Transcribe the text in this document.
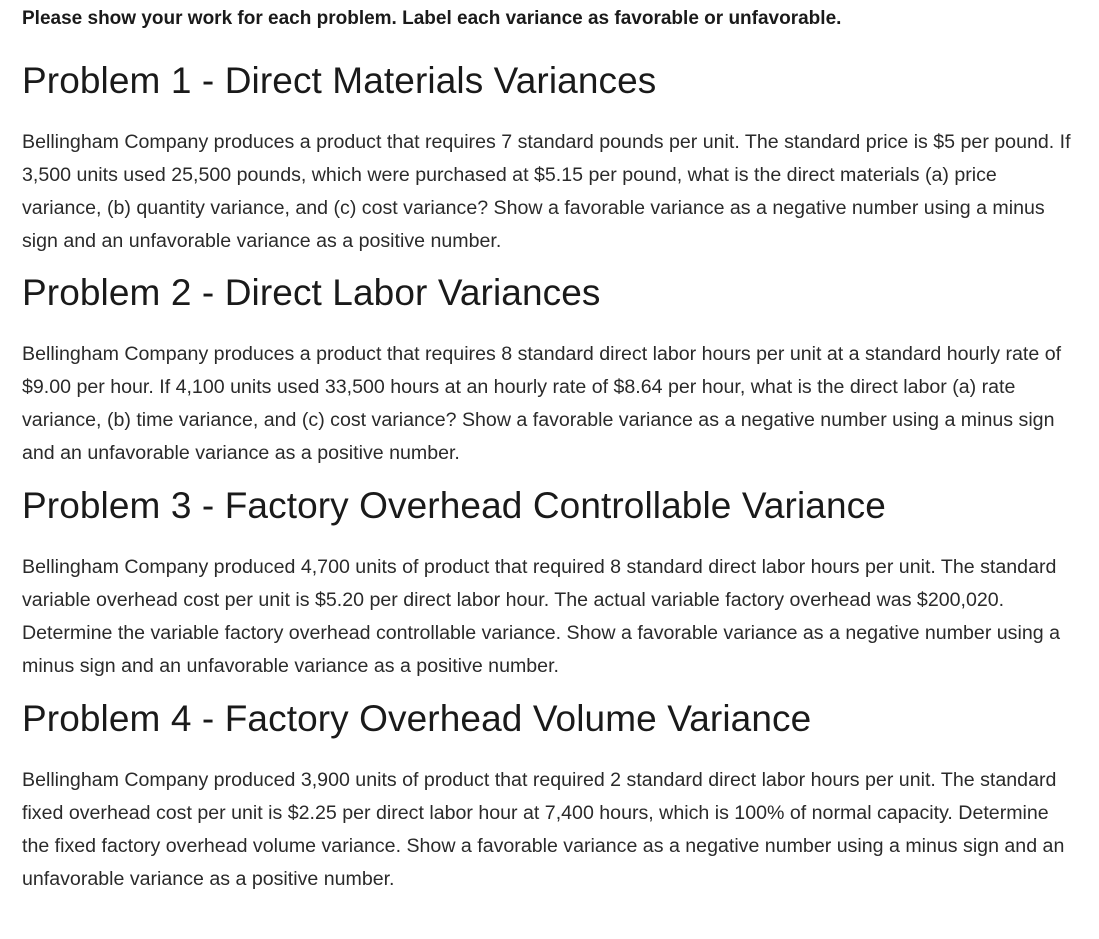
Please show your work for each problem. Label each variance as favorable or unfavorable.

Problem 1 - Direct Materials Variances

Bellingham Company produces a product that requires 7 standard pounds per unit. The standard price is $5 per pound. If 3,500 units used 25,500 pounds, which were purchased at $5.15 per pound, what is the direct materials (a) price variance, (b) quantity variance, and (c) cost variance? Show a favorable variance as a negative number using a minus sign and an unfavorable variance as a positive number.

Problem 2 - Direct Labor Variances

Bellingham Company produces a product that requires 8 standard direct labor hours per unit at a standard hourly rate of $9.00 per hour. If 4,100 units used 33,500 hours at an hourly rate of $8.64 per hour, what is the direct labor (a) rate variance, (b) time variance, and (c) cost variance? Show a favorable variance as a negative number using a minus sign and an unfavorable variance as a positive number.

Problem 3 - Factory Overhead Controllable Variance

Bellingham Company produced 4,700 units of product that required 8 standard direct labor hours per unit. The standard variable overhead cost per unit is $5.20 per direct labor hour. The actual variable factory overhead was $200,020. Determine the variable factory overhead controllable variance. Show a favorable variance as a negative number using a minus sign and an unfavorable variance as a positive number.

Problem 4 - Factory Overhead Volume Variance

Bellingham Company produced 3,900 units of product that required 2 standard direct labor hours per unit. The standard fixed overhead cost per unit is $2.25 per direct labor hour at 7,400 hours, which is 100% of normal capacity. Determine the fixed factory overhead volume variance. Show a favorable variance as a negative number using a minus sign and an unfavorable variance as a positive number.
